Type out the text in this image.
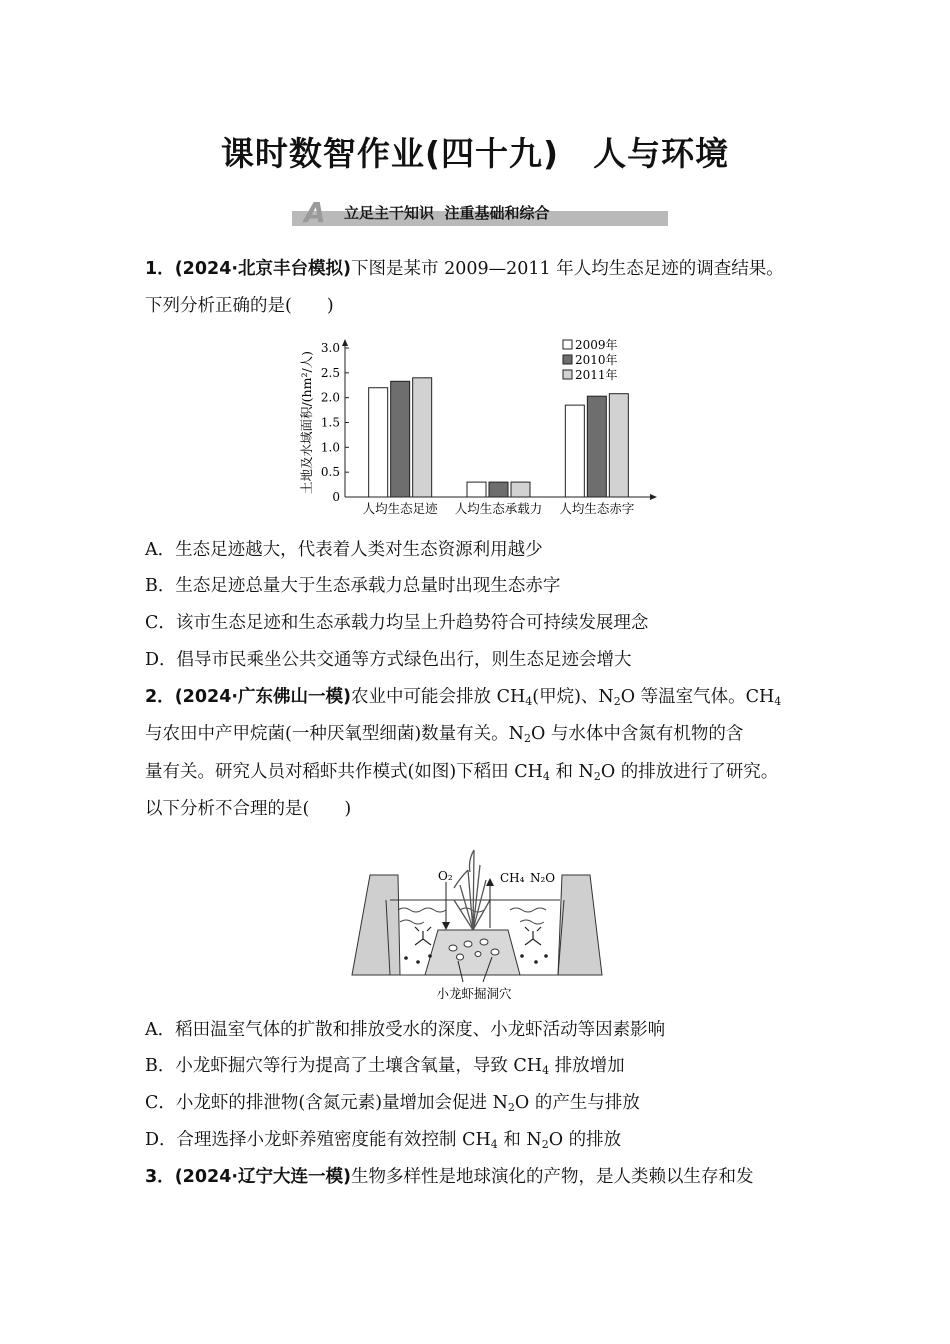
课时数智作业(四十九)　人与环境
A 立足主干知识  注重基础和综合
1．(2024·北京丰台模拟)下图是某市 2009—2011 年人均生态足迹的调查结果。
下列分析正确的是(　　)
0
0.5
1.0
1.5
2.0
2.5
3.0
人均生态足迹 人均生态承载力 人均生态赤字
2009年
2010年
2011年
土地及水域面积/(hm²/人)
A．生态足迹越大，代表着人类对生态资源利用越少
B．生态足迹总量大于生态承载力总量时出现生态赤字
C．该市生态足迹和生态承载力均呈上升趋势符合可持续发展理念
D．倡导市民乘坐公共交通等方式绿色出行，则生态足迹会增大
2．(2024·广东佛山一模)农业中可能会排放 $CH_4$(甲烷)、$N_2O$ 等温室气体。$CH_4$
与农田中产甲烷菌(一种厌氧型细菌)数量有关。$N_2O$ 与水体中含氮有机物的含
量有关。研究人员对稻虾共作模式(如图)下稻田 $CH_4$ 和 $N_2O$ 的排放进行了研究。
以下分析不合理的是(　　)
O₂	CH₄ N₂O
小龙虾掘洞穴
A．稻田温室气体的扩散和排放受水的深度、小龙虾活动等因素影响
B．小龙虾掘穴等行为提高了土壤含氧量，导致 $CH_4$ 排放增加
C．小龙虾的排泄物(含氮元素)量增加会促进 $N_2O$ 的产生与排放
D．合理选择小龙虾养殖密度能有效控制 $CH_4$ 和 $N_2O$ 的排放
3．(2024·辽宁大连一模)生物多样性是地球演化的产物，是人类赖以生存和发
